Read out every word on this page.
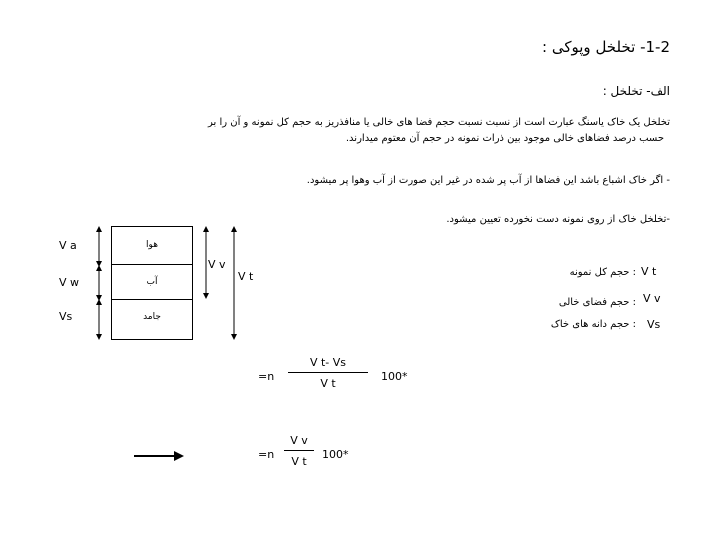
1-2- تخلخل وپوکی :
الف- تخلخل :
تخلخل یک خاک یاسنگ عبارت است از نسبت نسبت حجم فضا های خالی یا منافذریز به حجم کل نمونه و آن را بر
حسب درصد فضاهای خالی موجود بین ذرات نمونه در حجم آن معتوم میدارند.
- اگر خاک اشباع باشد این فضاها از آب پر شده در غیر این صورت از آب وهوا پر میشود.
-تخلخل خاک از روی نمونه دست نخورده تعیین میشود.
V a
V w
Vs
هوا
آب
جامد
V v
V t	V t
: حجم کل نمونه
V v
: حجم فضای خالی
Vs
: حجم دانه های خاک
=n
V t- Vs
V t
100*
=n
V v
V t
100*
